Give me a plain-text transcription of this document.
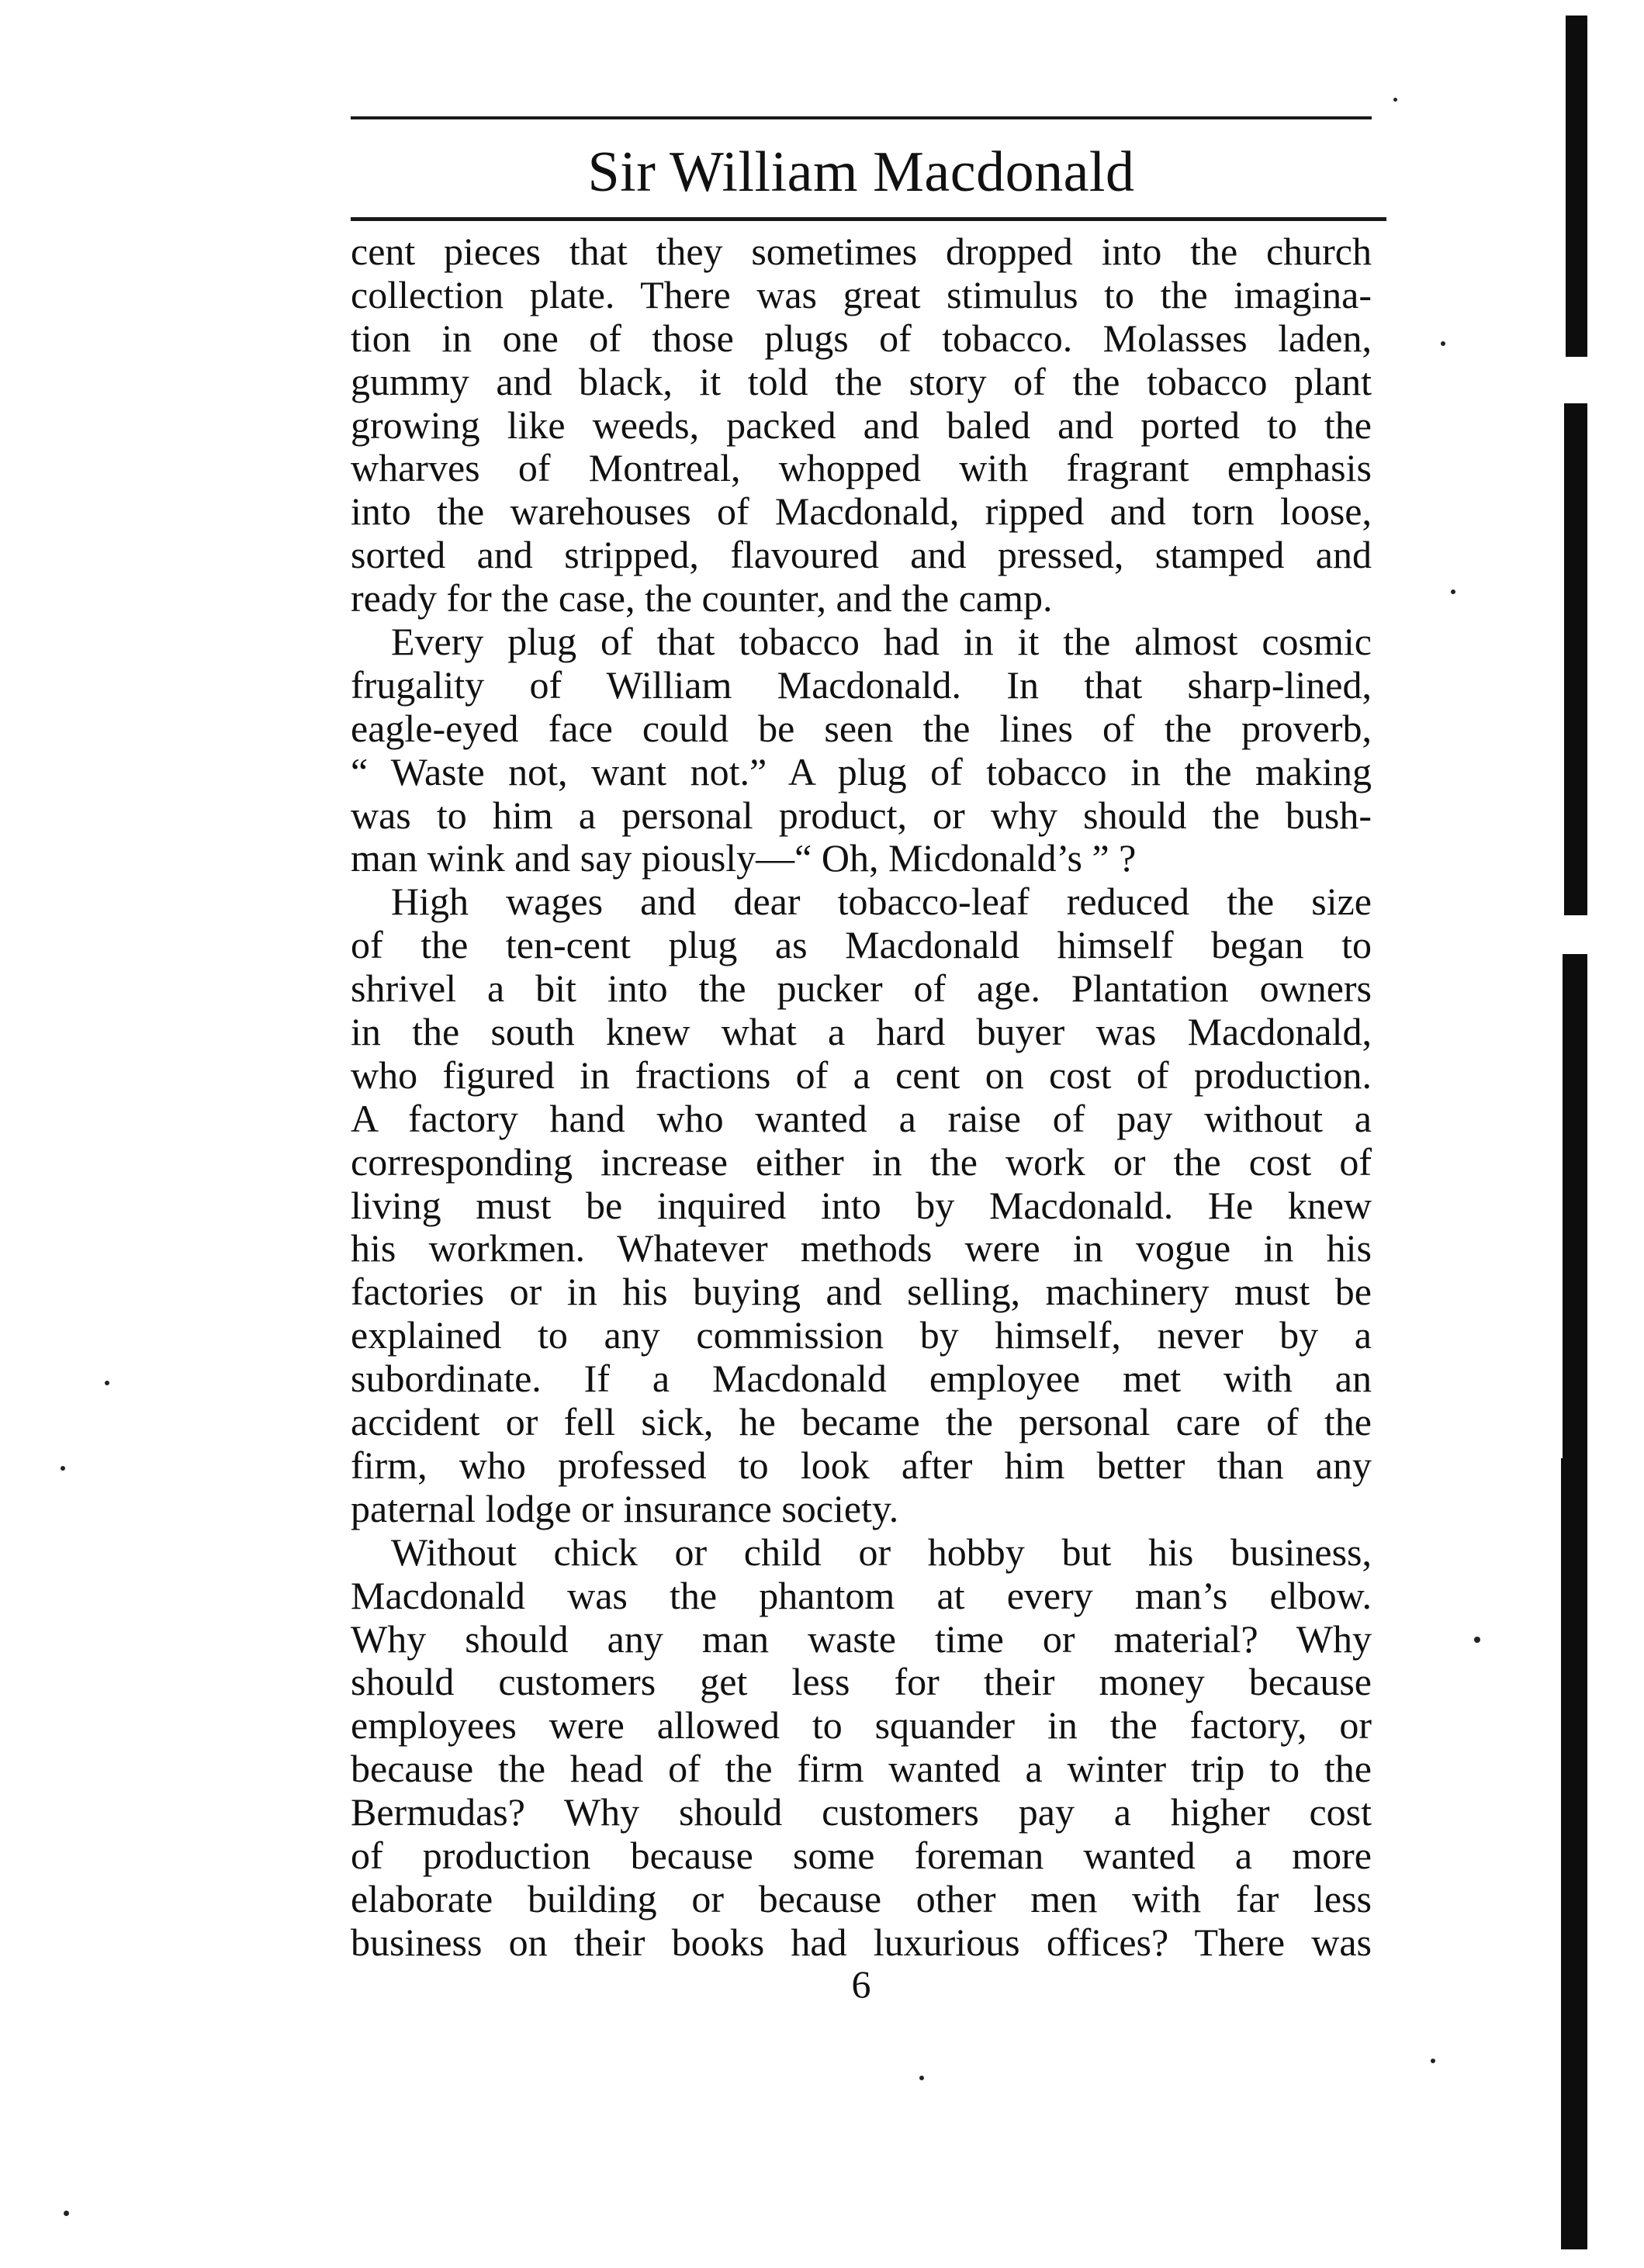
Sir William Macdonald
cent pieces that they sometimes dropped into the church
collection plate. There was great stimulus to the imagina-
tion in one of those plugs of tobacco. Molasses laden,
gummy and black, it told the story of the tobacco plant
growing like weeds, packed and baled and ported to the
wharves of Montreal, whopped with fragrant emphasis
into the warehouses of Macdonald, ripped and torn loose,
sorted and stripped, flavoured and pressed, stamped and
ready for the case, the counter, and the camp.
Every plug of that tobacco had in it the almost cosmic
frugality of William Macdonald. In that sharp-lined,
eagle-eyed face could be seen the lines of the proverb,
“ Waste not, want not.” A plug of tobacco in the making
was to him a personal product, or why should the bush-
man wink and say piously—“ Oh, Micdonald’s ” ?
High wages and dear tobacco-leaf reduced the size
of the ten-cent plug as Macdonald himself began to
shrivel a bit into the pucker of age. Plantation owners
in the south knew what a hard buyer was Macdonald,
who figured in fractions of a cent on cost of production.
A factory hand who wanted a raise of pay without a
corresponding increase either in the work or the cost of
living must be inquired into by Macdonald. He knew
his workmen. Whatever methods were in vogue in his
factories or in his buying and selling, machinery must be
explained to any commission by himself, never by a
subordinate. If a Macdonald employee met with an
accident or fell sick, he became the personal care of the
firm, who professed to look after him better than any
paternal lodge or insurance society.
Without chick or child or hobby but his business,
Macdonald was the phantom at every man’s elbow.
Why should any man waste time or material? Why
should customers get less for their money because
employees were allowed to squander in the factory, or
because the head of the firm wanted a winter trip to the
Bermudas? Why should customers pay a higher cost
of production because some foreman wanted a more
elaborate building or because other men with far less
business on their books had luxurious offices? There was
6
